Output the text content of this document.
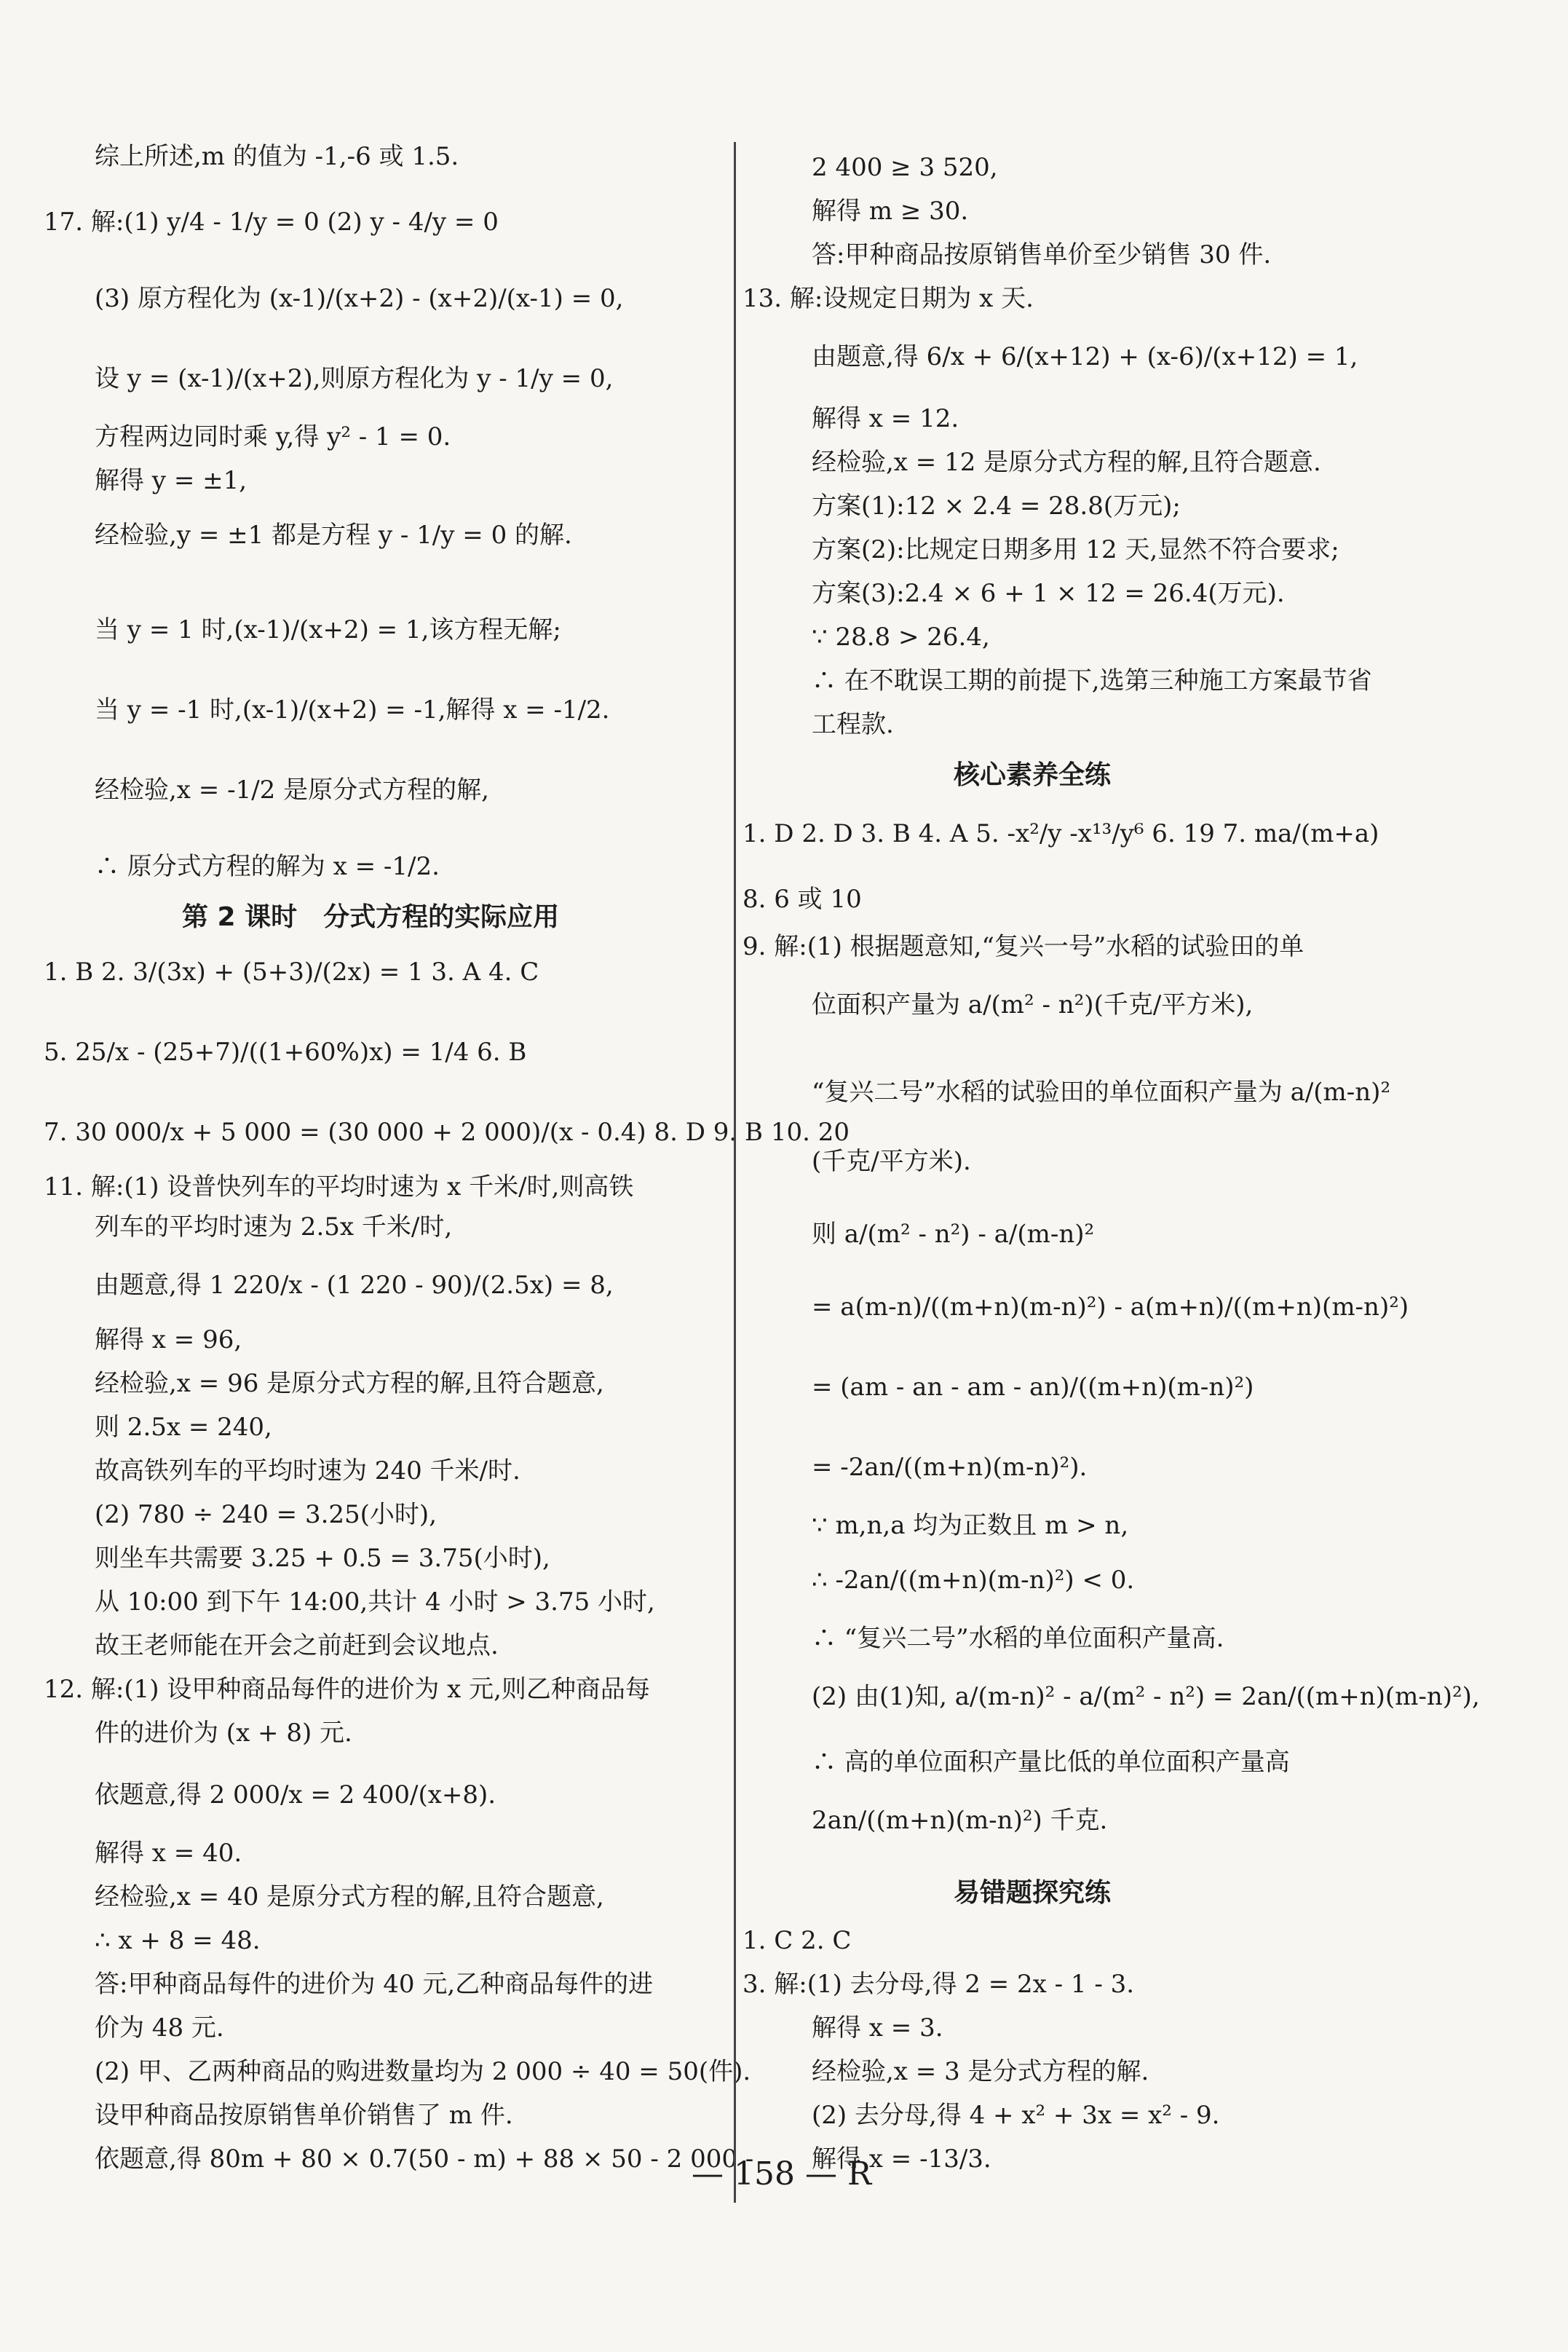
综上所述,m 的值为 -1,-6 或 1.5.
17. 解:(1) y/4 - 1/y = 0 (2) y - 4/y = 0
(3) 原方程化为 (x-1)/(x+2) - (x+2)/(x-1) = 0,
设 y = (x-1)/(x+2),则原方程化为 y - 1/y = 0,
方程两边同时乘 y,得 y² - 1 = 0.
解得 y = ±1,
经检验,y = ±1 都是方程 y - 1/y = 0 的解.
当 y = 1 时,(x-1)/(x+2) = 1,该方程无解;
当 y = -1 时,(x-1)/(x+2) = -1,解得 x = -1/2.
经检验,x = -1/2 是原分式方程的解,
∴ 原分式方程的解为 x = -1/2.
第 2 课时　分式方程的实际应用
1. B 2. 3/(3x) + (5+3)/(2x) = 1 3. A 4. C
5. 25/x - (25+7)/((1+60%)x) = 1/4 6. B
7. 30 000/x + 5 000 = (30 000 + 2 000)/(x - 0.4) 8. D 9. B 10. 20
11. 解:(1) 设普快列车的平均时速为 x 千米/时,则高铁
列车的平均时速为 2.5x 千米/时,
由题意,得 1 220/x - (1 220 - 90)/(2.5x) = 8,
解得 x = 96,
经检验,x = 96 是原分式方程的解,且符合题意,
则 2.5x = 240,
故高铁列车的平均时速为 240 千米/时.
(2) 780 ÷ 240 = 3.25(小时),
则坐车共需要 3.25 + 0.5 = 3.75(小时),
从 10:00 到下午 14:00,共计 4 小时 > 3.75 小时,
故王老师能在开会之前赶到会议地点.
12. 解:(1) 设甲种商品每件的进价为 x 元,则乙种商品每
件的进价为 (x + 8) 元.
依题意,得 2 000/x = 2 400/(x+8).
解得 x = 40.
经检验,x = 40 是原分式方程的解,且符合题意,
∴ x + 8 = 48.
答:甲种商品每件的进价为 40 元,乙种商品每件的进
价为 48 元.
(2) 甲、乙两种商品的购进数量均为 2 000 ÷ 40 = 50(件).
设甲种商品按原销售单价销售了 m 件.
依题意,得 80m + 80 × 0.7(50 - m) + 88 × 50 - 2 000 -
2 400 ≥ 3 520,
解得 m ≥ 30.
答:甲种商品按原销售单价至少销售 30 件.
13. 解:设规定日期为 x 天.
由题意,得 6/x + 6/(x+12) + (x-6)/(x+12) = 1,
解得 x = 12.
经检验,x = 12 是原分式方程的解,且符合题意.
方案(1):12 × 2.4 = 28.8(万元);
方案(2):比规定日期多用 12 天,显然不符合要求;
方案(3):2.4 × 6 + 1 × 12 = 26.4(万元).
∵ 28.8 > 26.4,
∴ 在不耽误工期的前提下,选第三种施工方案最节省
工程款.
核心素养全练
1. D 2. D 3. B 4. A 5. -x²/y -x¹³/y⁶ 6. 19 7. ma/(m+a)
8. 6 或 10
9. 解:(1) 根据题意知,“复兴一号”水稻的试验田的单
位面积产量为 a/(m² - n²)(千克/平方米),
“复兴二号”水稻的试验田的单位面积产量为 a/(m-n)²
(千克/平方米).
则 a/(m² - n²) - a/(m-n)²
= a(m-n)/((m+n)(m-n)²) - a(m+n)/((m+n)(m-n)²)
= (am - an - am - an)/((m+n)(m-n)²)
= -2an/((m+n)(m-n)²).
∵ m,n,a 均为正数且 m > n,
∴ -2an/((m+n)(m-n)²) < 0.
∴ “复兴二号”水稻的单位面积产量高.
(2) 由(1)知, a/(m-n)² - a/(m² - n²) = 2an/((m+n)(m-n)²),
∴ 高的单位面积产量比低的单位面积产量高
2an/((m+n)(m-n)²) 千克.
易错题探究练
1. C 2. C
3. 解:(1) 去分母,得 2 = 2x - 1 - 3.
解得 x = 3.
经检验,x = 3 是分式方程的解.
(2) 去分母,得 4 + x² + 3x = x² - 9.
解得 x = -13/3.
— 158 — R
